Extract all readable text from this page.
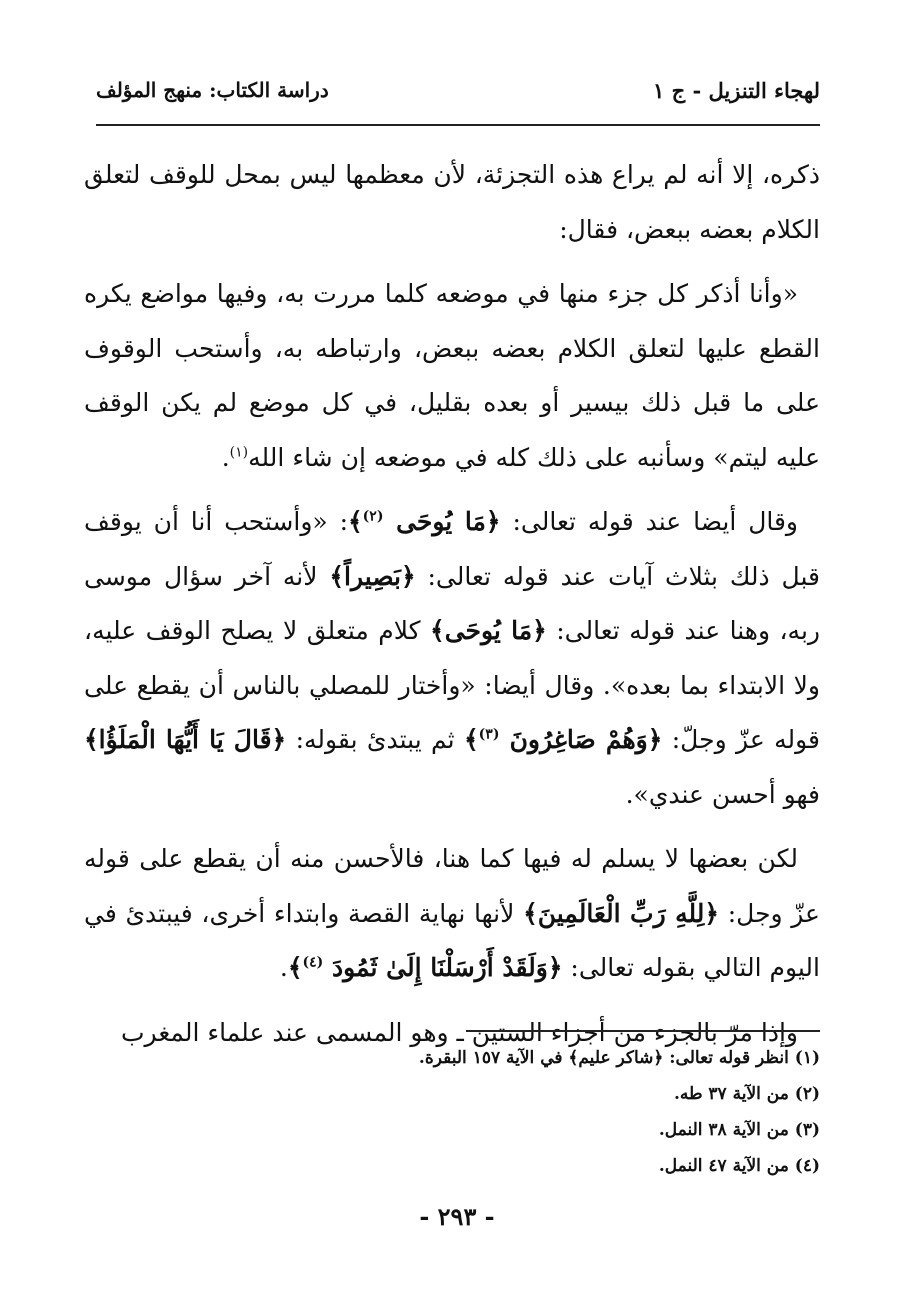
لهجاء التنزيل - ج ١
دراسة الكتاب: منهج المؤلف

ذكره، إلا أنه لم يراع هذه التجزئة، لأن معظمها ليس بمحل للوقف لتعلق الكلام بعضه ببعض، فقال:

«وأنا أذكر كل جزء منها في موضعه كلما مررت به، وفيها مواضع يكره القطع عليها لتعلق الكلام بعضه ببعض، وارتباطه به، وأستحب الوقوف على ما قبل ذلك بيسير أو بعده بقليل، في كل موضع لم يكن الوقف عليه ليتم» وسأنبه على ذلك كله في موضعه إن شاء الله$^{(١)}$.

وقال أيضا عند قوله تعالى: ﴿مَا يُوحَى $^{(٢)}$﴾: «وأستحب أنا أن يوقف قبل ذلك بثلاث آيات عند قوله تعالى: ﴿بَصِيراً﴾ لأنه آخر سؤال موسى ربه، وهنا عند قوله تعالى: ﴿مَا يُوحَى﴾ كلام متعلق لا يصلح الوقف عليه، ولا الابتداء بما بعده». وقال أيضا: «وأختار للمصلي بالناس أن يقطع على قوله عزّ وجلّ: ﴿وَهُمْ صَاغِرُونَ $^{(٣)}$﴾ ثم يبتدئ بقوله: ﴿قَالَ يَا أَيُّهَا الْمَلَؤُا﴾ فهو أحسن عندي».

لكن بعضها لا يسلم له فيها كما هنا، فالأحسن منه أن يقطع على قوله عزّ وجل: ﴿لِلَّهِ رَبِّ الْعَالَمِينَ﴾ لأنها نهاية القصة وابتداء أخرى، فيبتدئ في اليوم التالي بقوله تعالى: ﴿وَلَقَدْ أَرْسَلْنَا إِلَىٰ ثَمُودَ $^{(٤)}$﴾.

وإذا مرّ بالجزء من أجزاء الستين ـ وهو المسمى عند علماء المغرب

(١) انظر قوله تعالى: ﴿شاكر عليم﴾ في الآية ١٥٧ البقرة.
(٢) من الآية ٣٧ طه.
(٣) من الآية ٣٨ النمل.
(٤) من الآية ٤٧ النمل.
- ٢٩٣ -
